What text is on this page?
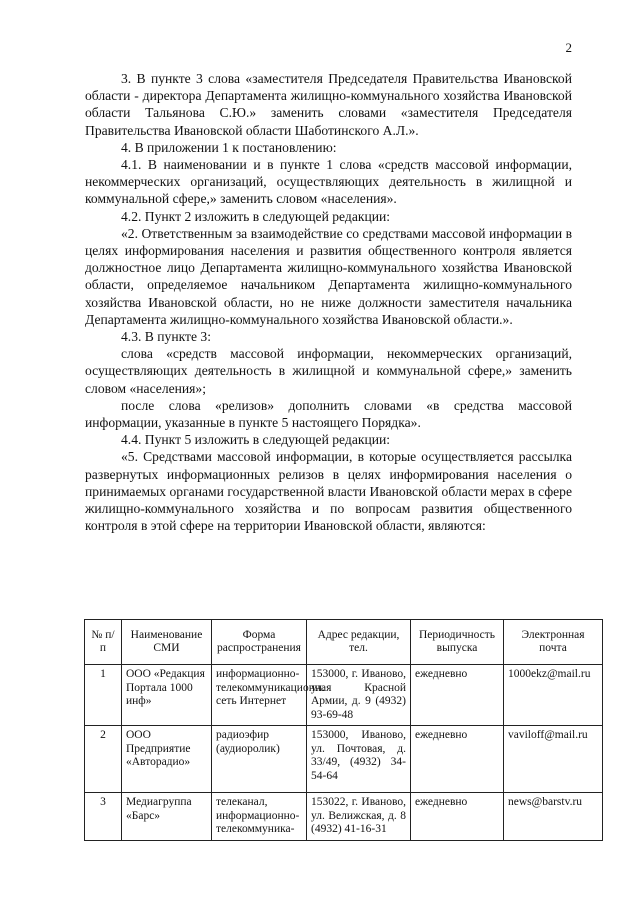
2

3. В пункте 3 слова «заместителя Председателя Правительства Ивановской области - директора Департамента жилищно-коммунального хозяйства Ивановской области Тальянова С.Ю.» заменить словами «заместителя Председателя Правительства Ивановской области Шаботинского А.Л.».

4. В приложении 1 к постановлению:

4.1. В наименовании и в пункте 1 слова «средств массовой информации, некоммерческих организаций, осуществляющих деятельность в жилищной и коммунальной сфере,» заменить словом «населения».

4.2. Пункт 2 изложить в следующей редакции:

«2. Ответственным за взаимодействие со средствами массовой информации в целях информирования населения и развития общественного контроля является должностное лицо Департамента жилищно-коммунального хозяйства Ивановской области, определяемое начальником Департамента жилищно-коммунального хозяйства Ивановской области, но не ниже должности заместителя начальника Департамента жилищно-коммунального хозяйства Ивановской области.».

4.3. В пункте 3:

слова «средств массовой информации, некоммерческих организаций, осуществляющих деятельность в жилищной и коммунальной сфере,» заменить словом «населения»;

после слова «релизов» дополнить словами «в средства массовой информации, указанные в пункте 5 настоящего Порядка».

4.4. Пункт 5 изложить в следующей редакции:

«5. Средствами массовой информации, в которые осуществляется рассылка развернутых информационных релизов в целях информирования населения о принимаемых органами государственной власти Ивановской области мерах в сфере жилищно-коммунального хозяйства и по вопросам развития общественного контроля в этой сфере на территории Ивановской области, являются:

№ п/п	Наименование СМИ	Форма распространения	Адрес редакции, тел.	Периодичность выпуска	Электронная почта
1	ООО «Редакция Портала 1000 инф»	информационно-телекоммуникационная сеть Интернет	153000, г. Иваново, ул. Красной Армии, д. 9 (4932) 93-69-48	ежедневно	1000ekz@mail.ru
2	ООО Предприятие «Авторадио»	радиоэфир (аудиоролик)	153000, Иваново, ул. Почтовая, д. 33/49, (4932) 34-54-64	ежедневно	vaviloff@mail.ru
3	Медиагруппа «Барс»	телеканал, информационно-телекоммуника-	153022, г. Иваново, ул. Велижская, д. 8 (4932) 41-16-31	ежедневно	news@barstv.ru
